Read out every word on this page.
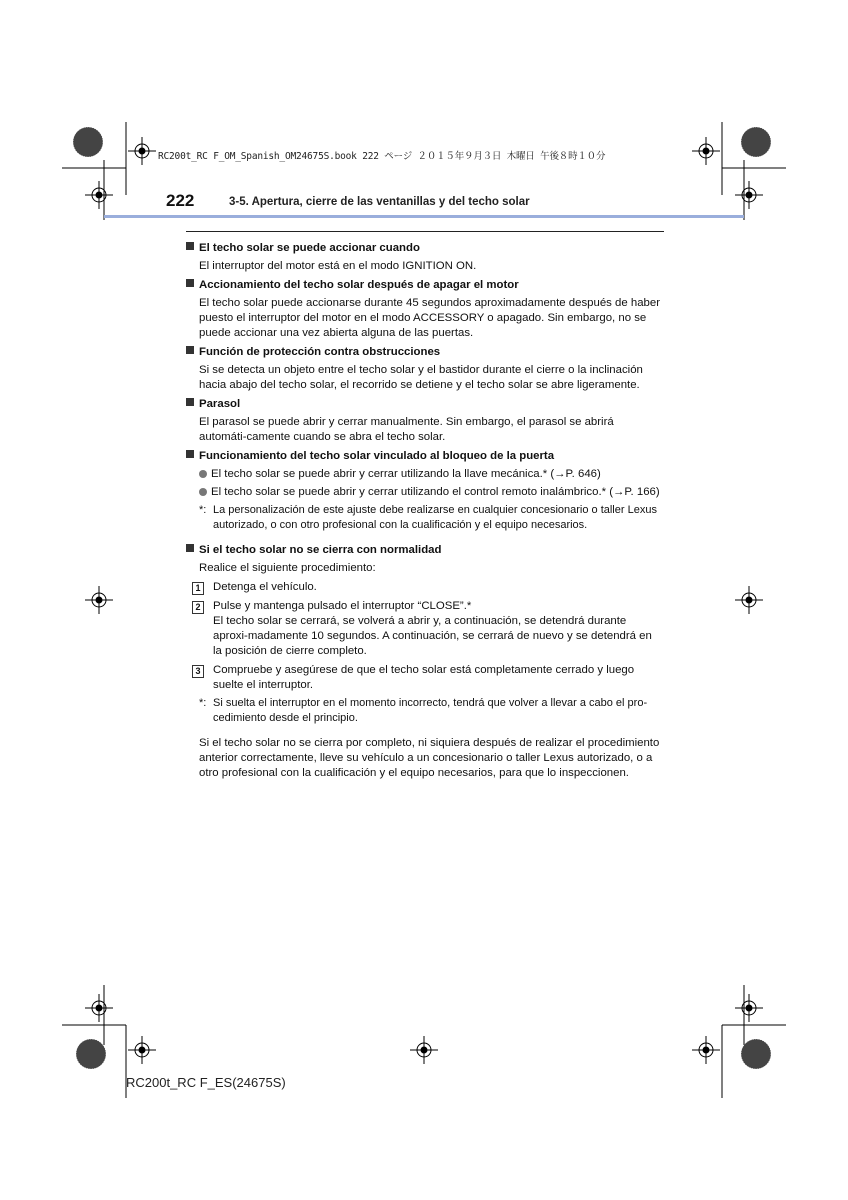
RC200t_RC F_OM_Spanish_OM24675S.book 222 ページ ２０１５年９月３日 木曜日 午後８時１０分
222	3-5. Apertura, cierre de las ventanillas y del techo solar
El techo solar se puede accionar cuando
El interruptor del motor está en el modo IGNITION ON.
Accionamiento del techo solar después de apagar el motor
El techo solar puede accionarse durante 45 segundos aproximadamente después de haber puesto el interruptor del motor en el modo ACCESSORY o apagado. Sin embargo, no se puede accionar una vez abierta alguna de las puertas.
Función de protección contra obstrucciones
Si se detecta un objeto entre el techo solar y el bastidor durante el cierre o la inclinación hacia abajo del techo solar, el recorrido se detiene y el techo solar se abre ligeramente.
Parasol
El parasol se puede abrir y cerrar manualmente. Sin embargo, el parasol se abrirá automáti-camente cuando se abra el techo solar.
Funcionamiento del techo solar vinculado al bloqueo de la puerta
El techo solar se puede abrir y cerrar utilizando la llave mecánica.* (→P. 646)
El techo solar se puede abrir y cerrar utilizando el control remoto inalámbrico.* (→P. 166)
*: La personalización de este ajuste debe realizarse en cualquier concesionario o taller Lexus autorizado, o con otro profesional con la cualificación y el equipo necesarios.
Si el techo solar no se cierra con normalidad
Realice el siguiente procedimiento:
1	Detenga el vehículo.
2	Pulse y mantenga pulsado el interruptor “CLOSE”.*
El techo solar se cerrará, se volverá a abrir y, a continuación, se detendrá durante aproxi-madamente 10 segundos. A continuación, se cerrará de nuevo y se detendrá en la posición de cierre completo.
3	Compruebe y asegúrese de que el techo solar está completamente cerrado y luego suelte el interruptor.
*: Si suelta el interruptor en el momento incorrecto, tendrá que volver a llevar a cabo el pro-cedimiento desde el principio.
Si el techo solar no se cierra por completo, ni siquiera después de realizar el procedimiento anterior correctamente, lleve su vehículo a un concesionario o taller Lexus autorizado, o a otro profesional con la cualificación y el equipo necesarios, para que lo inspeccionen.
RC200t_RC F_ES(24675S)
